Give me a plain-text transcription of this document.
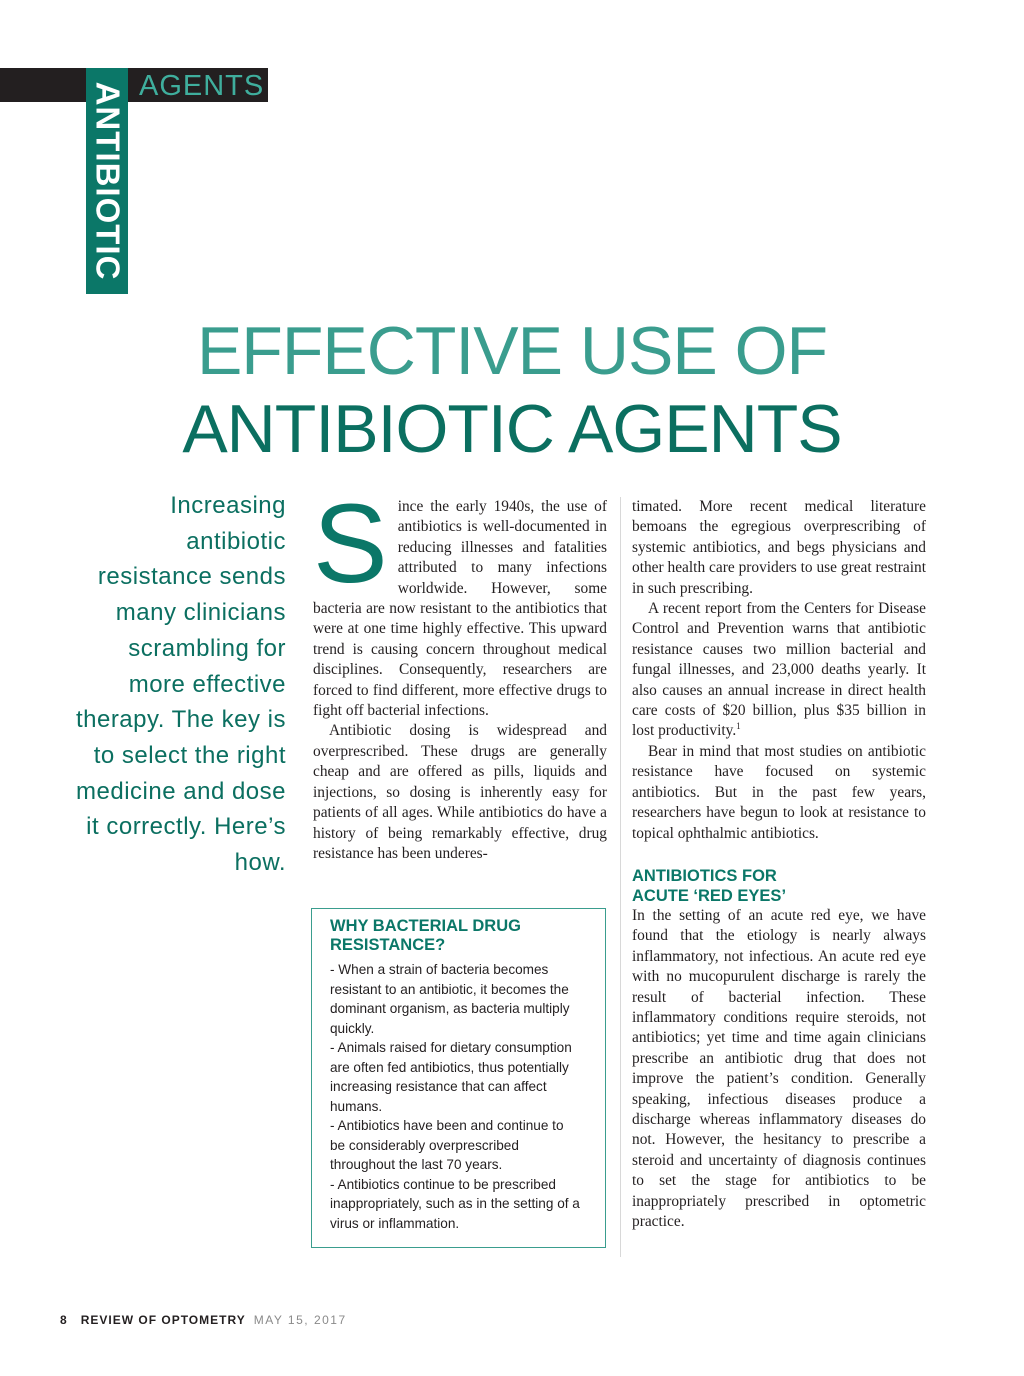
ANTIBIOTIC AGENTS
EFFECTIVE USE OF
ANTIBIOTIC AGENTS
Increasing antibiotic resistance sends many clinicians scrambling for more effective therapy. The key is to select the right medicine and dose it correctly. Here’s how.

Since the early 1940s, the use of antibiotics is well-documented in reducing illnesses and fatalities attributed to many infections worldwide. However, some bacteria are now resistant to the antibiotics that were at one time highly effective. This upward trend is causing concern throughout medical disciplines. Consequently, researchers are forced to find different, more effective drugs to fight off bacterial infections.

Antibiotic dosing is widespread and overprescribed. These drugs are generally cheap and are offered as pills, liquids and injections, so dosing is inherently easy for patients of all ages. While antibiotics do have a history of being remarkably effective, drug resistance has been underes-

timated. More recent medical literature bemoans the egregious overprescribing of systemic antibiotics, and begs physicians and other health care providers to use great restraint in such prescribing.

A recent report from the Centers for Disease Control and Prevention warns that antibiotic resistance causes two million bacterial and fungal illnesses, and 23,000 deaths yearly. It also causes an annual increase in direct health care costs of $20 billion, plus $35 billion in lost productivity.$^1$

Bear in mind that most studies on antibiotic resistance have focused on systemic antibiotics. But in the past few years, researchers have begun to look at resistance to topical ophthalmic antibiotics.

ANTIBIOTICS FOR
ACUTE ‘RED EYES’

In the setting of an acute red eye, we have found that the etiology is nearly always inflammatory, not infectious. An acute red eye with no mucopurulent discharge is rarely the result of bacterial infection. These inflammatory conditions require steroids, not antibiotics; yet time and time again clinicians prescribe an antibiotic drug that does not improve the patient’s condition. Generally speaking, infectious diseases produce a discharge whereas inflammatory diseases do not. However, the hesitancy to prescribe a steroid and uncertainty of diagnosis continues to set the stage for antibiotics to be inappropriately prescribed in optometric practice.

WHY BACTERIAL DRUG RESISTANCE?

- When a strain of bacteria becomes resistant to an antibiotic, it becomes the dominant organism, as bacteria multiply quickly.

- Animals raised for dietary consumption are often fed antibiotics, thus potentially increasing resistance that can affect humans.

- Antibiotics have been and continue to be considerably overprescribed throughout the last 70 years.

- Antibiotics continue to be prescribed inappropriately, such as in the setting of a virus or inflammation.

8 REVIEW OF OPTOMETRY MAY 15, 2017
